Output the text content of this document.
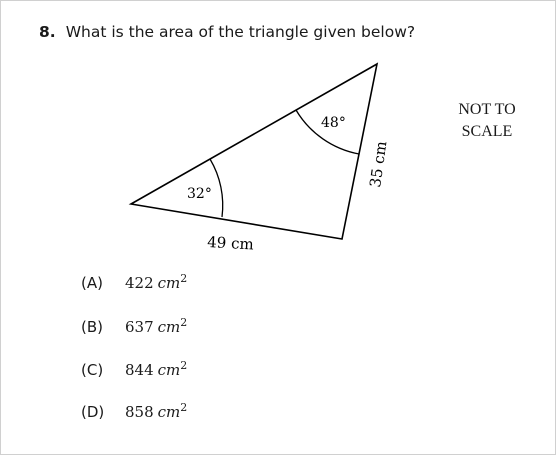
8. What is the area of the triangle given below?
32°
48°
49 cm
35 cm
NOT TO
SCALE
(A) 422 $cm^2$
(B) 637 $cm^2$
(C) 844 $cm^2$
(D) 858 $cm^2$
